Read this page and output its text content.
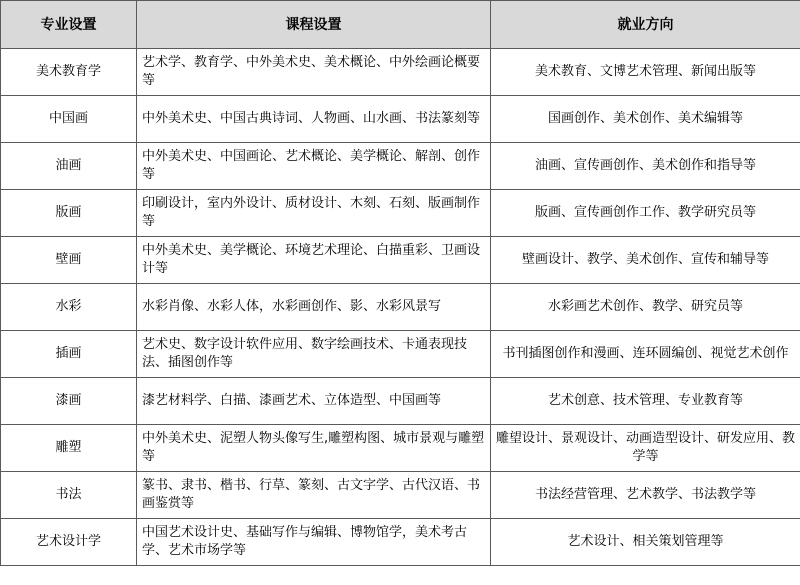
专业设置	课程设置	就业方向
美术教育学	艺术学、教育学、中外美术史、美术概论、中外绘画论概要等	美术教育、文博艺术管理、新闻出版等
中国画	中外美术史、中国古典诗词、人物画、山水画、书法篆刻等	国画创作、美术创作、美术编辑等
油画	中外美术史、中国画论、艺术概论、美学概论、解剖、创作等	油画、宣传画创作、美术创作和指导等
版画	印刷设计，室内外设计、质材设计、木刻、石刻、版画制作等	版画、宣传画创作工作、教学研究员等
壁画	中外美术史、美学概论、环境艺术理论、白描重彩、卫画设计等	壁画设计、教学、美术创作、宣传和辅导等
水彩	水彩肖像、水彩人体，水彩画创作、影、水彩风景写	水彩画艺术创作、教学、研究员等
插画	艺术史、数字设计软件应用、数字绘画技术、卡通表现技法、插图创作等	书刊插图创作和漫画、连环圆编创、视觉艺术创作
漆画	漆艺材料学、白描、漆画艺术、立体造型、中国画等	艺术创意、技术管理、专业教育等
雕塑	中外美术史、泥塑人物头像写生,雕塑构图、城市景观与雕塑等	雕望设计、景观设计、动画造型设计、研发应用、教学等
书法	篆书、隶书、楷书、行草、篆刻、古文字学、古代汉语、书画鉴赏等	书法经营管理、艺术教学、书法教学等
艺术设计学	中国艺术设计史、基础写作与编辑、博物馆学，美术考古学、艺术市场学等	艺术设计、相关策划管理等
